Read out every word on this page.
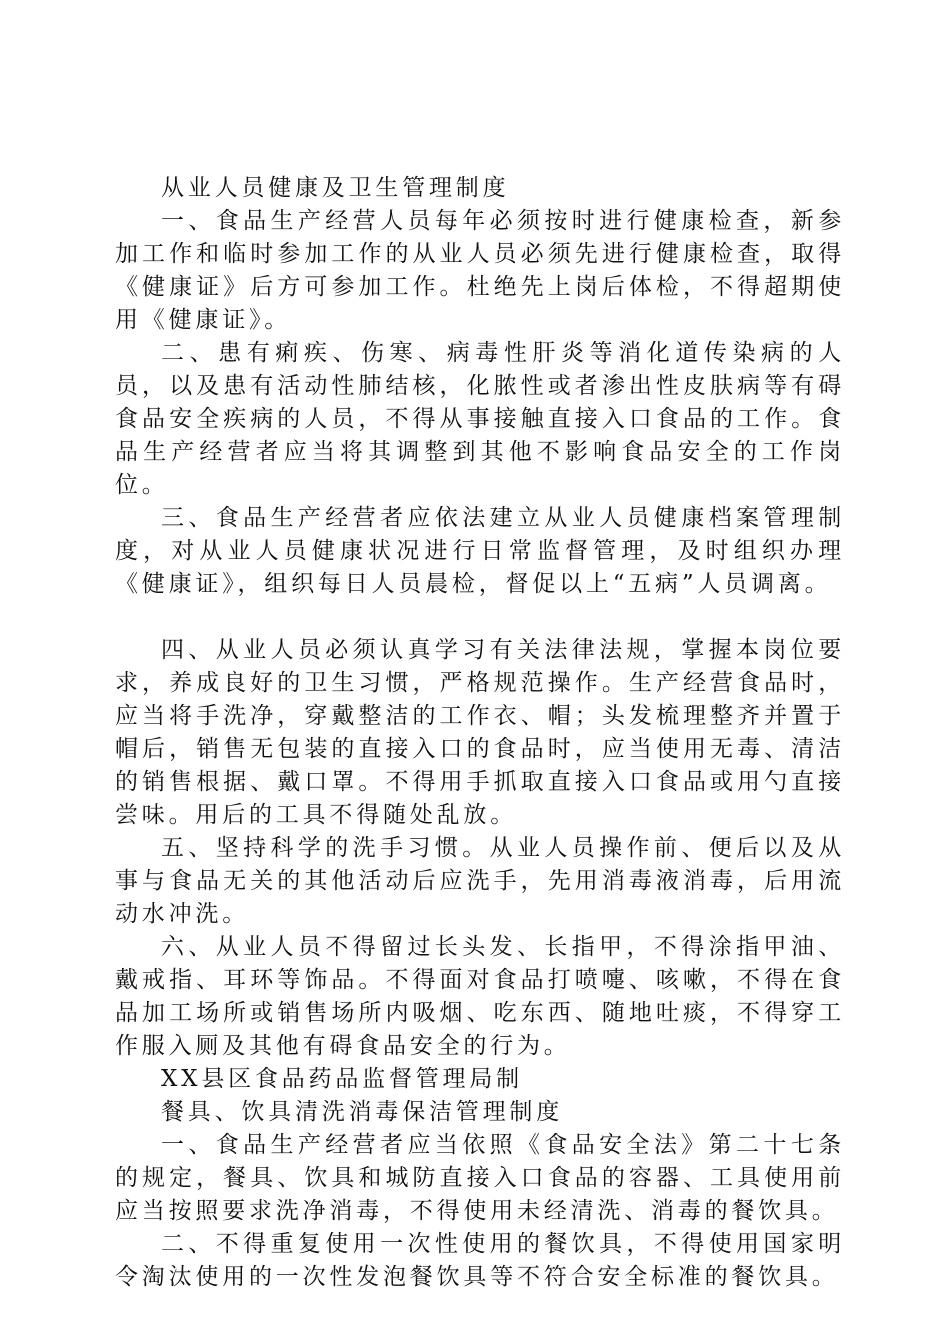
从业人员健康及卫生管理制度

一、食品生产经营人员每年必须按时进行健康检查，新参加工作和临时参加工作的从业人员必须先进行健康检查，取得《健康证》后方可参加工作。杜绝先上岗后体检，不得超期使用《健康证》。

二、患有痢疾、伤寒、病毒性肝炎等消化道传染病的人员，以及患有活动性肺结核，化脓性或者渗出性皮肤病等有碍食品安全疾病的人员，不得从事接触直接入口食品的工作。食品生产经营者应当将其调整到其他不影响食品安全的工作岗位。

三、食品生产经营者应依法建立从业人员健康档案管理制度，对从业人员健康状况进行日常监督管理，及时组织办理《健康证》，组织每日人员晨检，督促以上“五病”人员调离。

四、从业人员必须认真学习有关法律法规，掌握本岗位要求，养成良好的卫生习惯，严格规范操作。生产经营食品时，应当将手洗净，穿戴整洁的工作衣、帽；头发梳理整齐并置于帽后，销售无包装的直接入口的食品时，应当使用无毒、清洁的销售根据、戴口罩。不得用手抓取直接入口食品或用勺直接尝味。用后的工具不得随处乱放。

五、坚持科学的洗手习惯。从业人员操作前、便后以及从事与食品无关的其他活动后应洗手，先用消毒液消毒，后用流动水冲洗。

六、从业人员不得留过长头发、长指甲，不得涂指甲油、戴戒指、耳环等饰品。不得面对食品打喷嚏、咳嗽，不得在食品加工场所或销售场所内吸烟、吃东西、随地吐痰，不得穿工作服入厕及其他有碍食品安全的行为。

XX县区食品药品监督管理局制

餐具、饮具清洗消毒保洁管理制度

一、食品生产经营者应当依照《食品安全法》第二十七条的规定，餐具、饮具和城防直接入口食品的容器、工具使用前应当按照要求洗净消毒，不得使用未经清洗、消毒的餐饮具。

二、不得重复使用一次性使用的餐饮具，不得使用国家明令淘汰使用的一次性发泡餐饮具等不符合安全标准的餐饮具。
